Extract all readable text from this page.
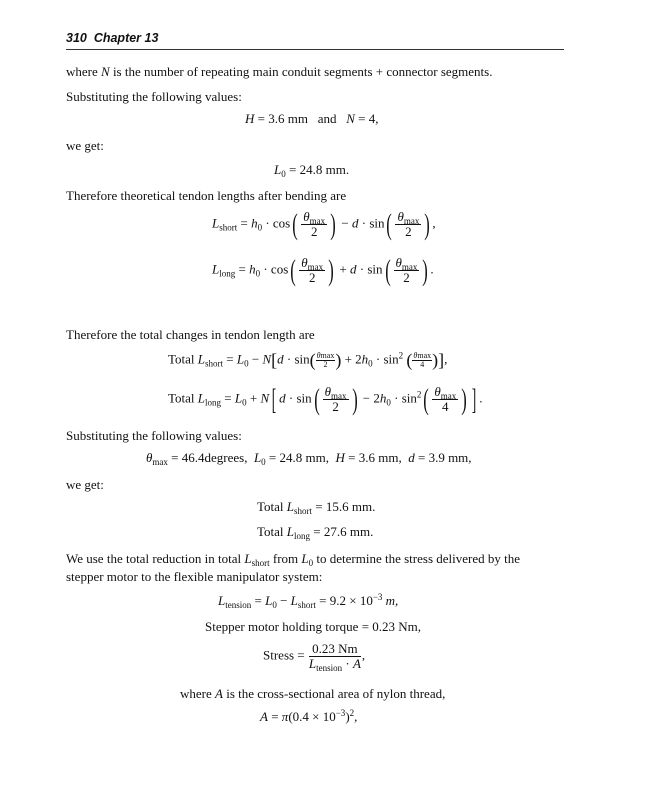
310 Chapter 13
where N is the number of repeating main conduit segments + connector segments.
Substituting the following values:
H = 3.6 mm   and   N = 4,
we get:
$L_0 = 24.8$ mm.
Therefore theoretical tendon lengths after bending are
$L_{short} = h_0 \cdot \cos( \frac{\theta_{max}}{2}$ ) − $d \cdot \sin( \frac{\theta_{max}}{2}$ ) ,
$L_{long} = h_0 \cdot \cos( \frac{\theta_{max}}{2}$ ) + $d \cdot \sin( \frac{\theta_{max}}{2}$ ) .
Therefore the total changes in tendon length are
Total $L_{short} = L_0 - N[d \cdot \sin$( θmax
2 ) + $2h_0 \cdot \sin^2$ ( θmax
4 )],
Total $L_{long} = L_0 + N$[ $d \cdot \sin( \frac{\theta_{max}}{2}$ ) − $2h_0 \cdot \sin^2( \frac{\theta_{max}}{4}$ ) ] .
Substituting the following values:
$\theta_{max}$ = 46.4degrees,  $L_0 = 24.8$ mm,  H = 3.6 mm,  d = 3.9 mm,
we get:
Total $L_{short} = 15.6$ mm.
Total $L_{long} = 27.6$ mm.
We use the total reduction in total $L_{short}$ from $L_0$ to determine the stress delivered by the
stepper motor to the flexible manipulator system:
$L_{tension} = L_0 - L_{short} = 9.2 \times 10^{-3}$ m,
Stepper motor holding torque = 0.23 Nm,
Stress = $\frac{0.23 Nm}{L_{tension} \cdot A}$ ,
where A is the cross-sectional area of nylon thread,
$A = \pi(0.4 \times 10^{-3})^2$,
